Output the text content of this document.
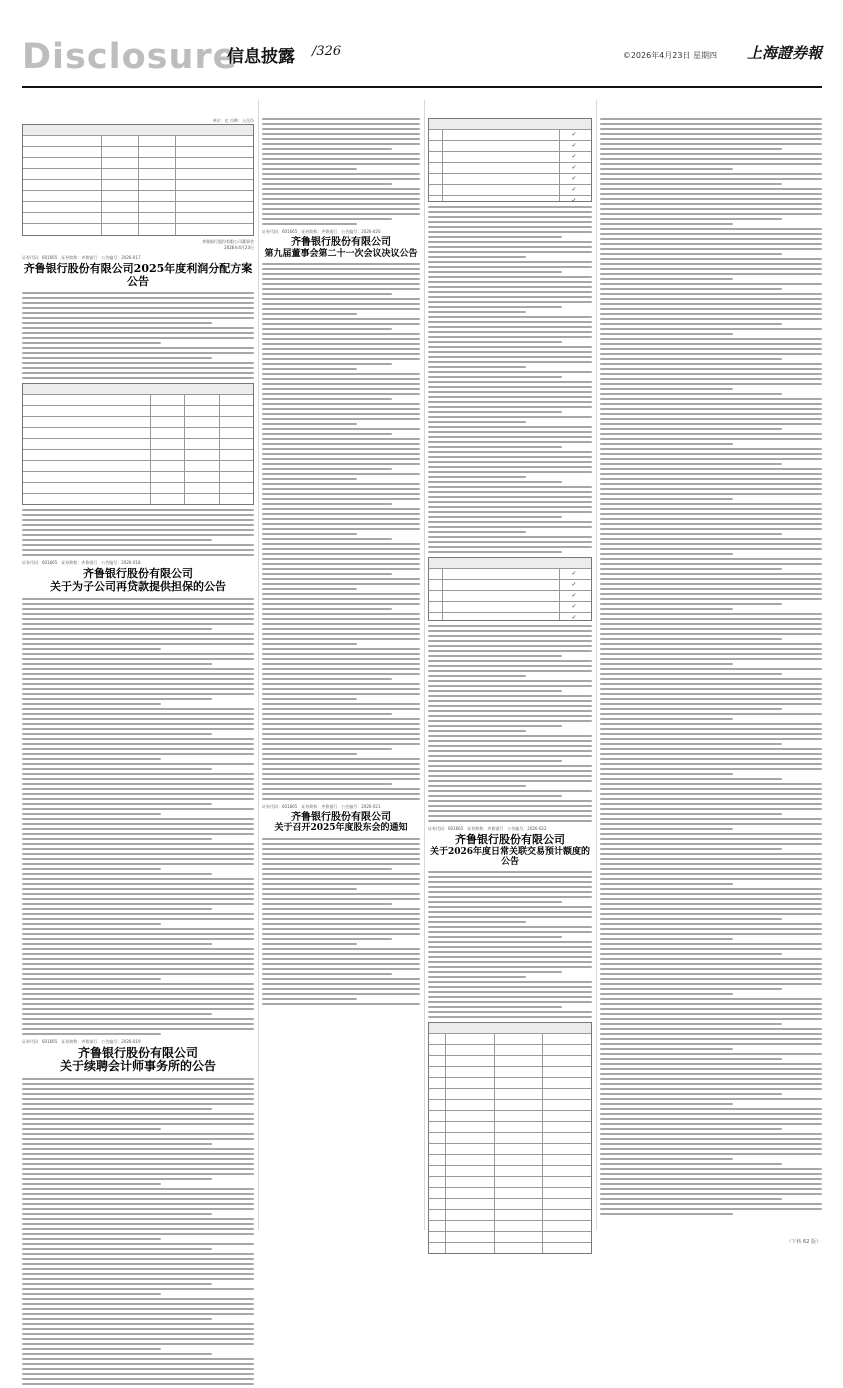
Disclosure
信息披露 /326	©2026年4月23日 星期四 上海證券報
单位：亿 币种：人民币
齐鲁银行股份有限公司董事会
2026年4月23日
证券代码：601665　证券简称：齐鲁银行　公告编号：2026-017
齐鲁银行股份有限公司2025年度利润分配方案公告
证券代码：601665　证券简称：齐鲁银行　公告编号：2026-018
齐鲁银行股份有限公司
关于为子公司再贷款提供担保的公告
证券代码：601665　证券简称：齐鲁银行　公告编号：2026-019
齐鲁银行股份有限公司
关于续聘会计师事务所的公告
证券代码：601665　证券简称：齐鲁银行　公告编号：2026-020
齐鲁银行股份有限公司
第九届董事会第二十一次会议决议公告
证券代码：601665　证券简称：齐鲁银行　公告编号：2026-021
齐鲁银行股份有限公司
关于召开2025年度股东会的通知
✓
✓
✓
✓
✓
✓
✓
✓
✓
✓
✓
✓
证券代码：601665　证券简称：齐鲁银行　公告编号：2026-022
齐鲁银行股份有限公司
关于2026年度日常关联交易预计额度的公告
（下转 62 版）
